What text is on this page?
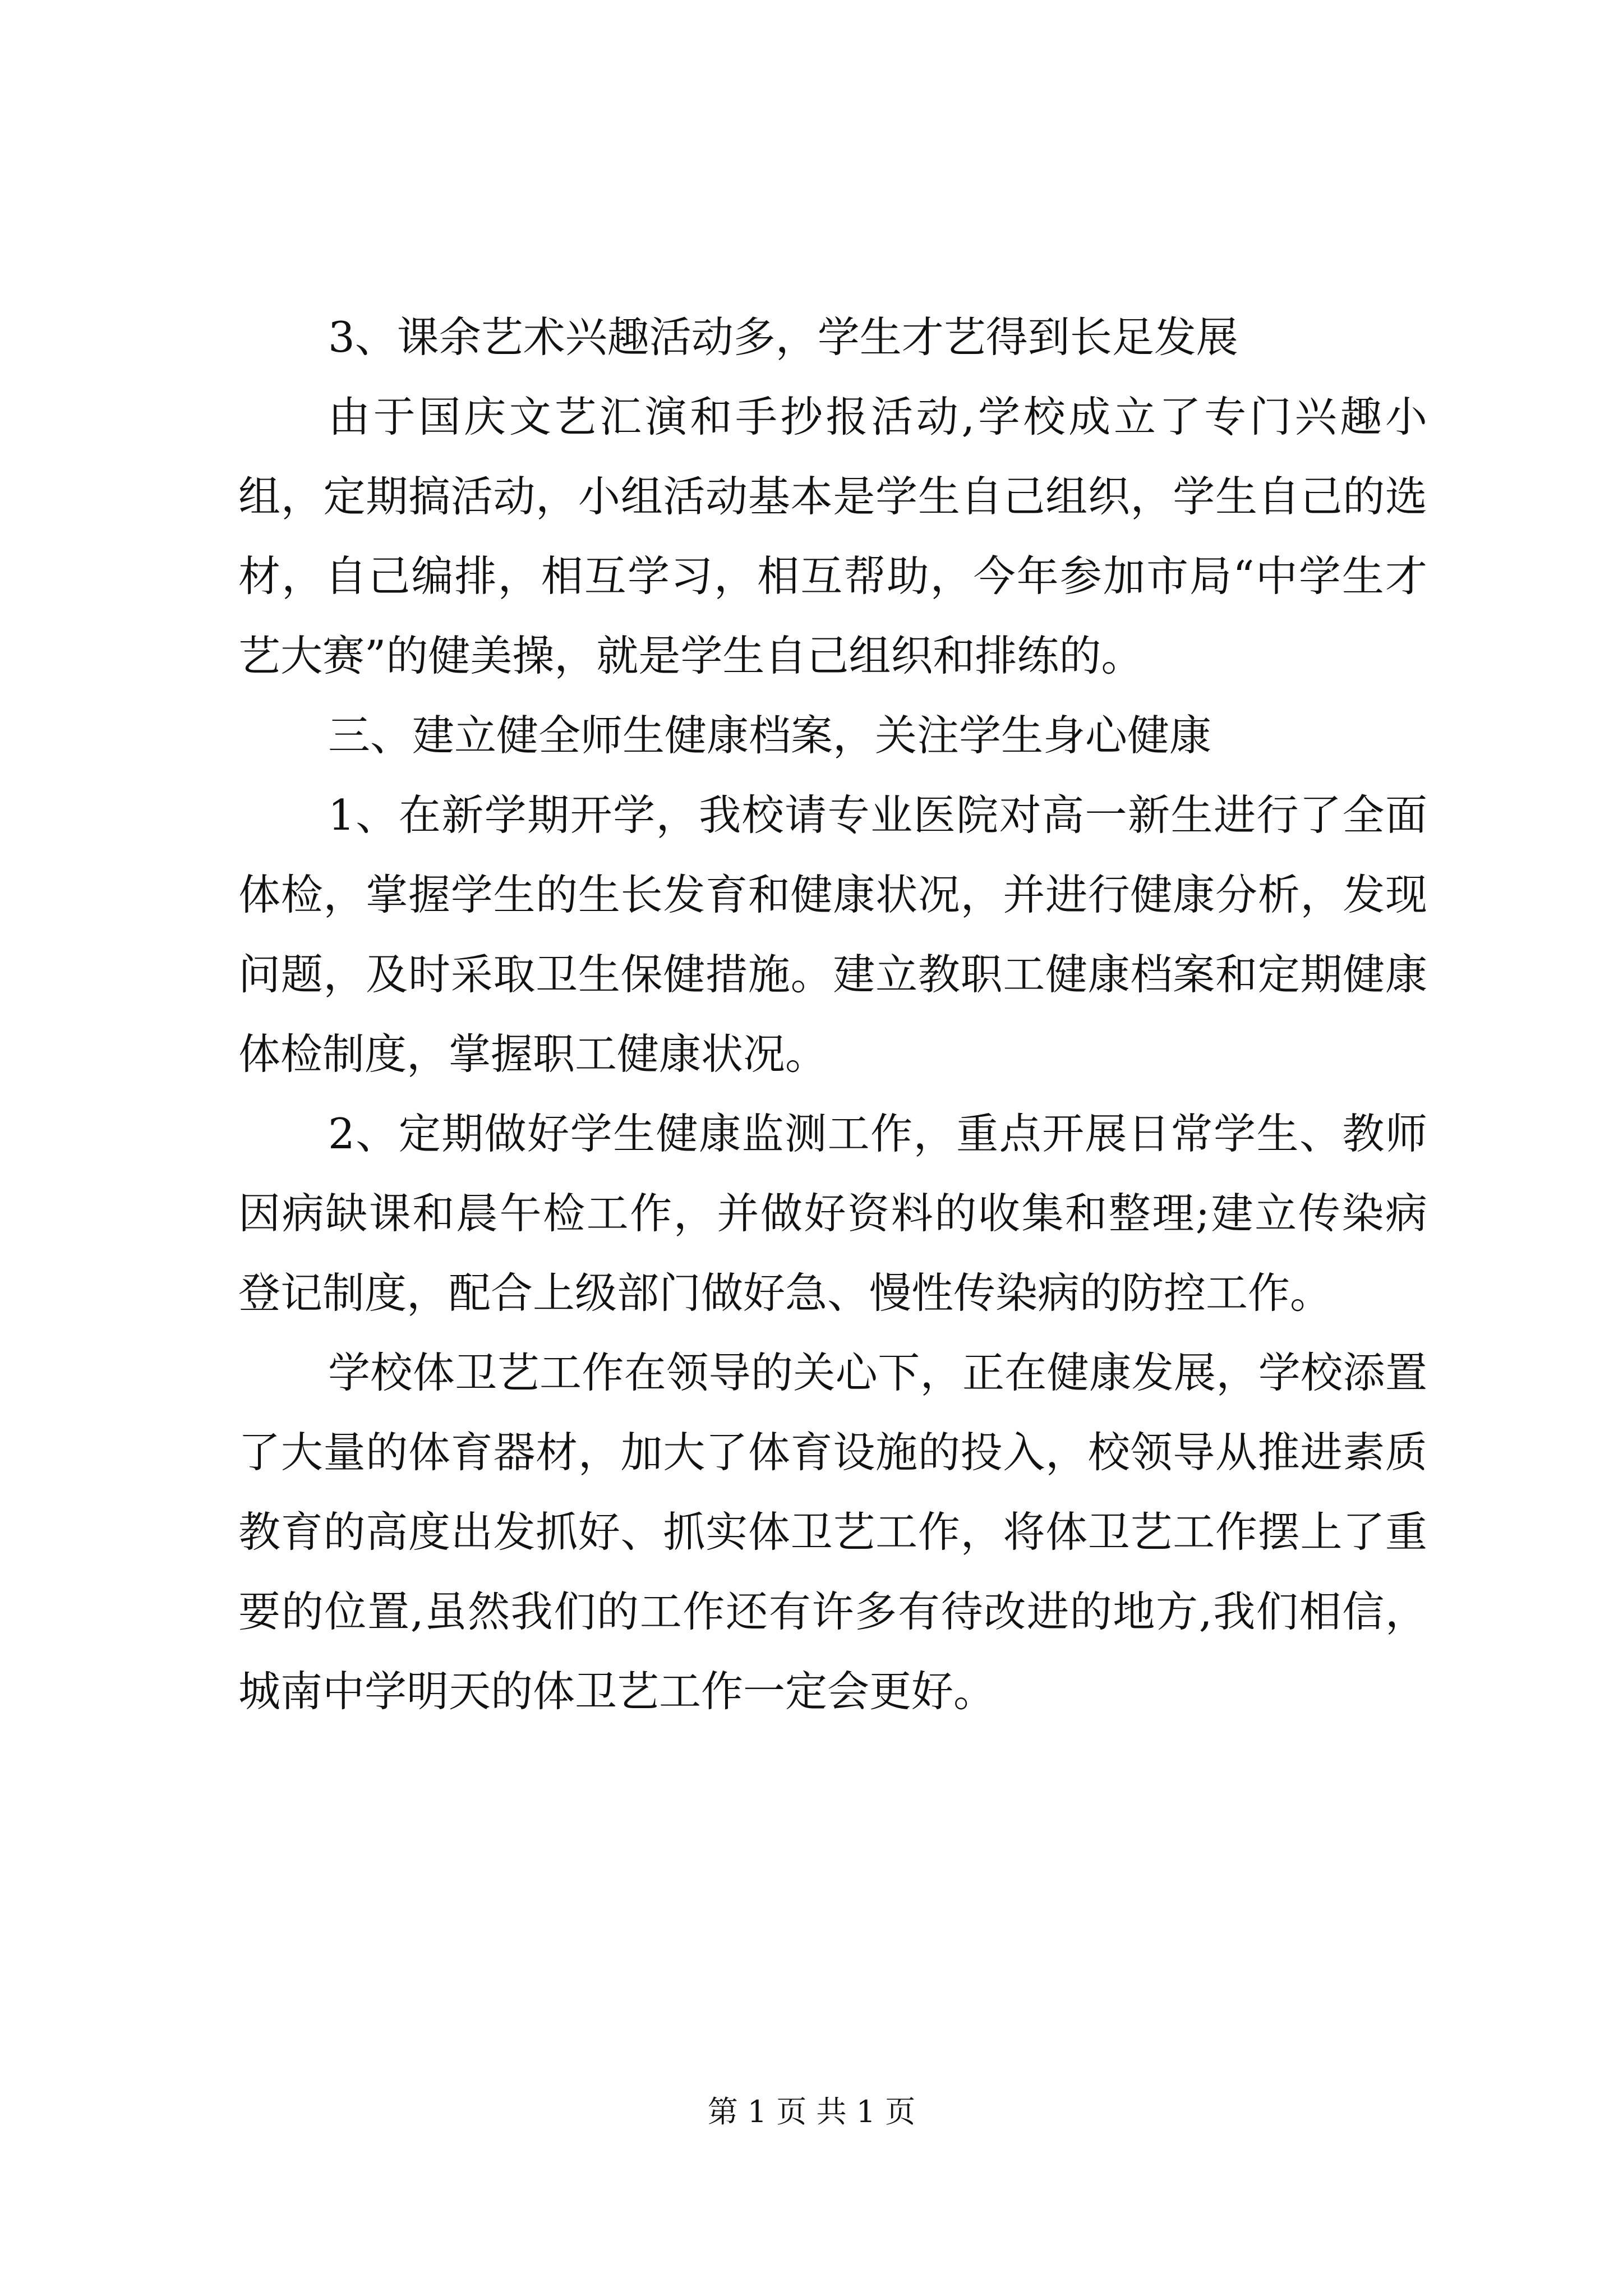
3、课余艺术兴趣活动多，学生才艺得到长足发展

由于国庆文艺汇演和手抄报活动,学校成立了专门兴趣小组，定期搞活动，小组活动基本是学生自己组织，学生自己的选材，自己编排，相互学习，相互帮助，今年参加市局“中学生才艺大赛”的健美操，就是学生自己组织和排练的。

三、建立健全师生健康档案，关注学生身心健康

1、在新学期开学，我校请专业医院对高一新生进行了全面体检，掌握学生的生长发育和健康状况，并进行健康分析，发现问题，及时采取卫生保健措施。建立教职工健康档案和定期健康体检制度，掌握职工健康状况。

2、定期做好学生健康监测工作，重点开展日常学生、教师因病缺课和晨午检工作，并做好资料的收集和整理;建立传染病登记制度，配合上级部门做好急、慢性传染病的防控工作。

学校体卫艺工作在领导的关心下，正在健康发展，学校添置了大量的体育器材，加大了体育设施的投入，校领导从推进素质教育的高度出发抓好、抓实体卫艺工作，将体卫艺工作摆上了重要的位置,虽然我们的工作还有许多有待改进的地方,我们相信，城南中学明天的体卫艺工作一定会更好。

第 1 页 共 1 页
